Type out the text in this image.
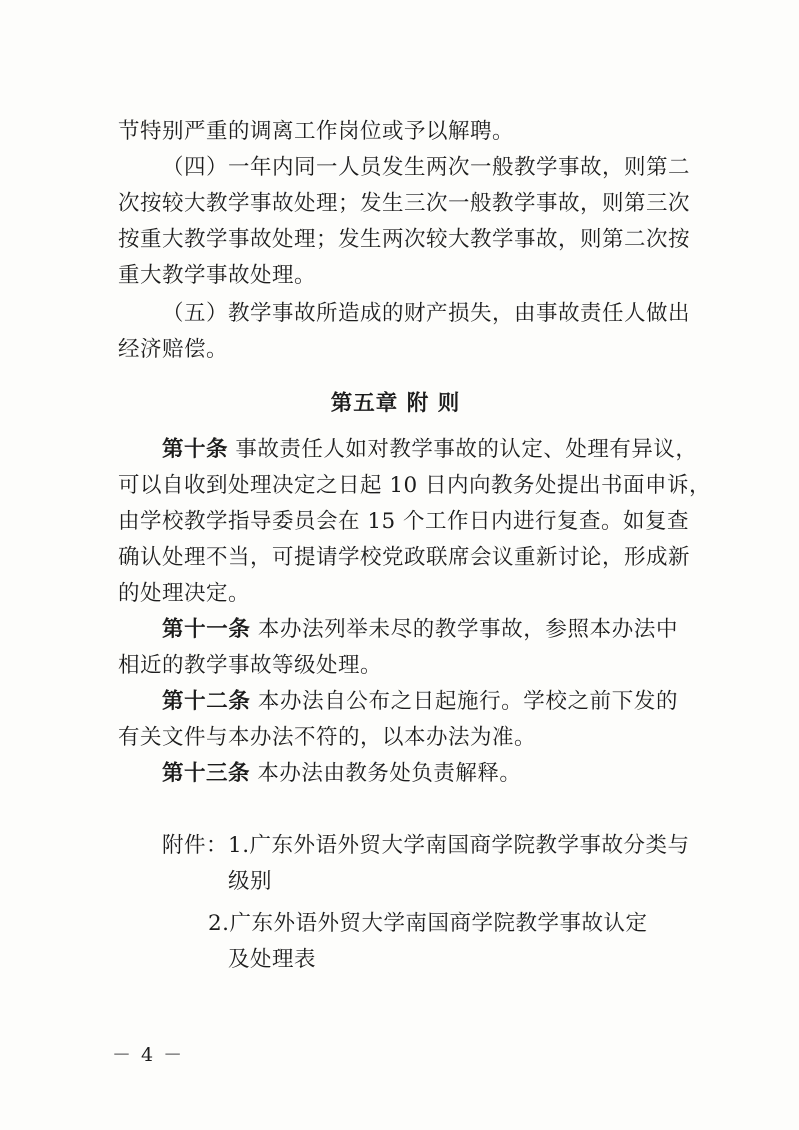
节特别严重的调离工作岗位或予以解聘。
（四）一年内同一人员发生两次一般教学事故，则第二
次按较大教学事故处理；发生三次一般教学事故，则第三次
按重大教学事故处理；发生两次较大教学事故，则第二次按
重大教学事故处理。
（五）教学事故所造成的财产损失，由事故责任人做出
经济赔偿。
第五章 附 则
第十条 事故责任人如对教学事故的认定、处理有异议，
可以自收到处理决定之日起 10 日内向教务处提出书面申诉，
由学校教学指导委员会在 15 个工作日内进行复查。如复查
确认处理不当，可提请学校党政联席会议重新讨论，形成新
的处理决定。
第十一条 本办法列举未尽的教学事故，参照本办法中
相近的教学事故等级处理。
第十二条 本办法自公布之日起施行。学校之前下发的
有关文件与本办法不符的，以本办法为准。
第十三条 本办法由教务处负责解释。
附件：1.广东外语外贸大学南国商学院教学事故分类与
级别
2.广东外语外贸大学南国商学院教学事故认定
及处理表
－ 4 －
